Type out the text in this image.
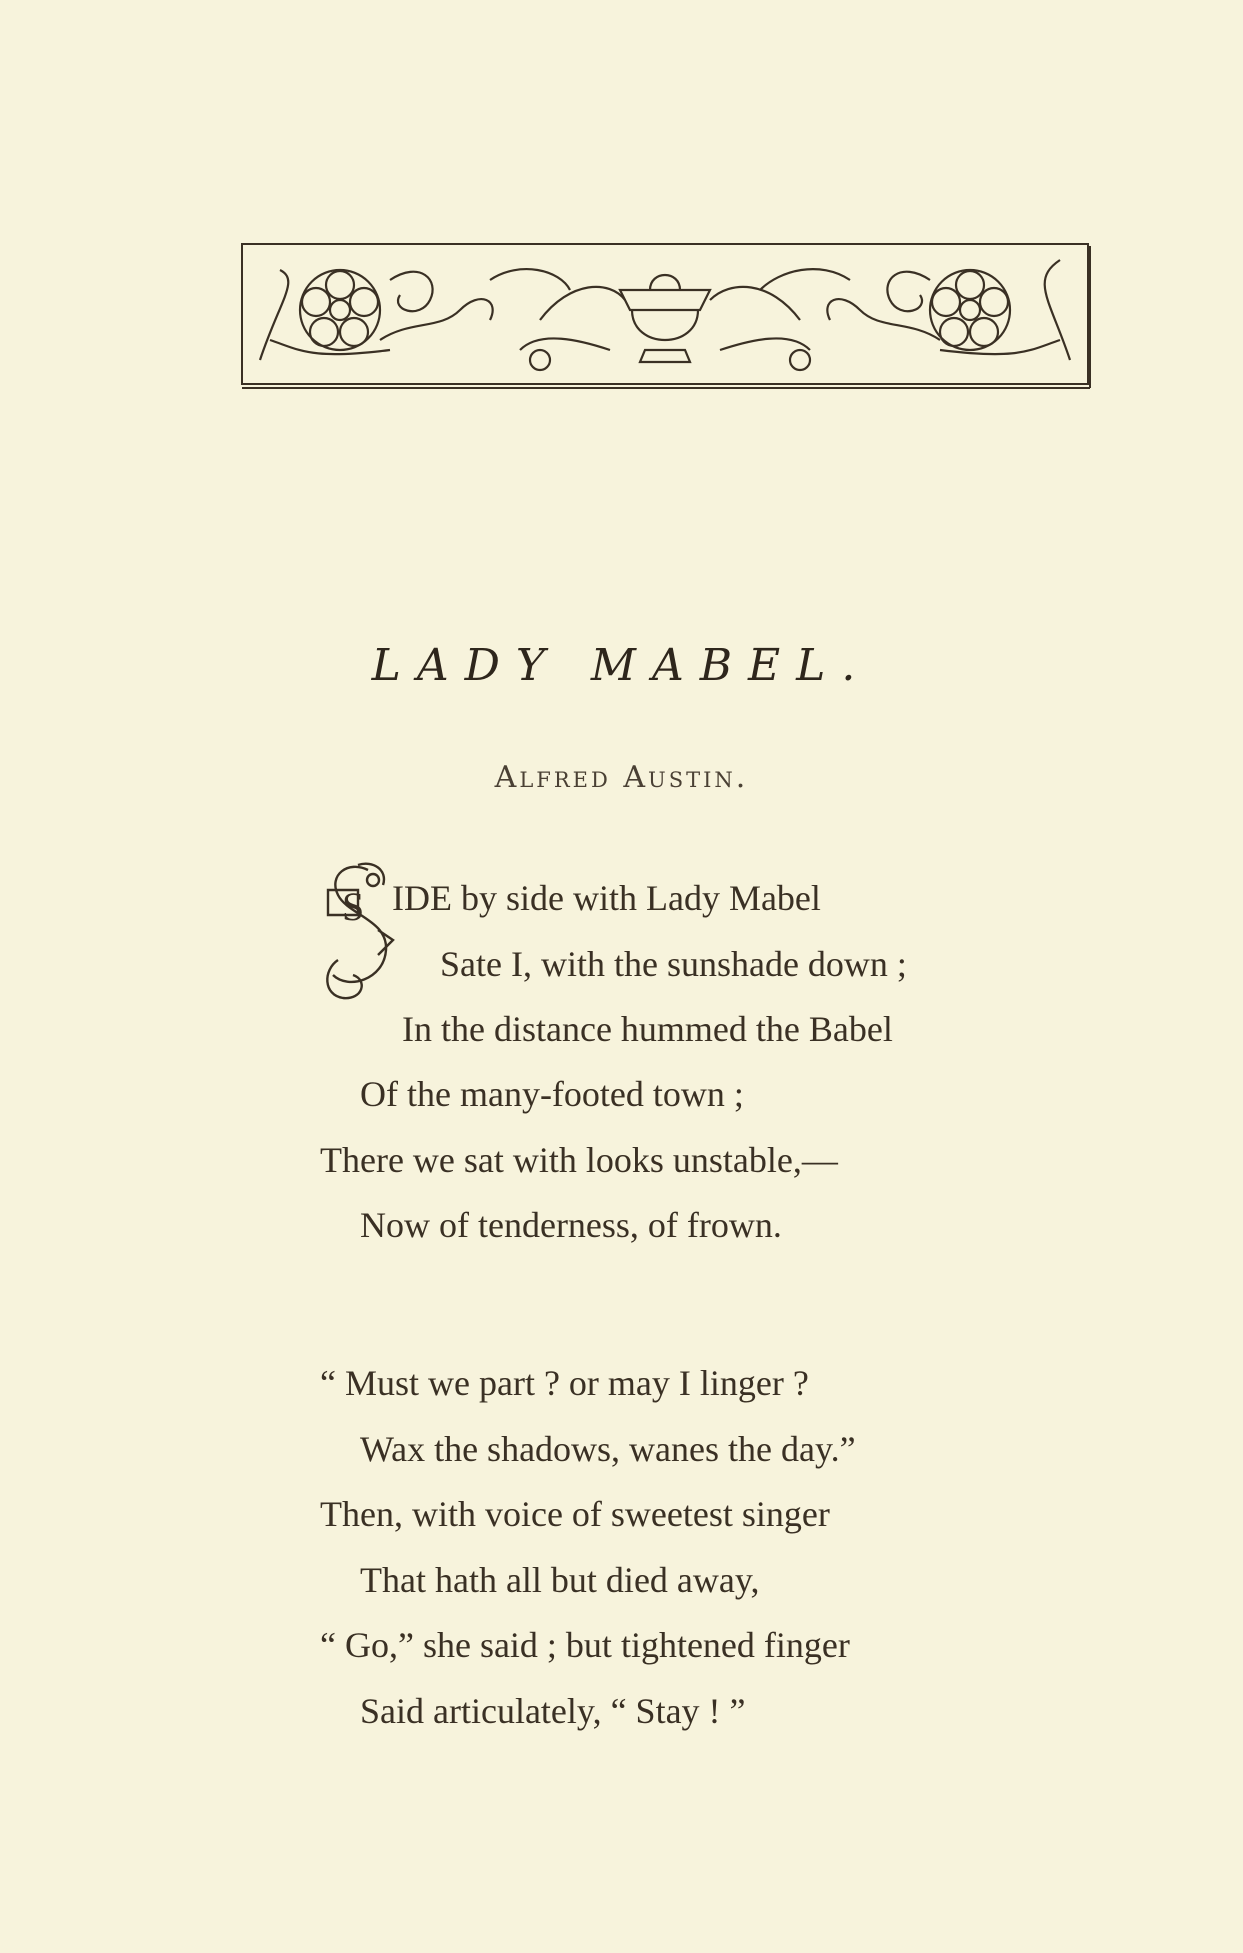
LADY MABEL.
Alfred Austin.
S IDE by side with Lady Mabel
Sate I, with the sunshade down ;
In the distance hummed the Babel
Of the many-footed town ;
There we sat with looks unstable,—
Now of tenderness, of frown.
“ Must we part ? or may I linger ?
Wax the shadows, wanes the day.”
Then, with voice of sweetest singer
That hath all but died away,
“ Go,” she said ; but tightened finger
Said articulately, “ Stay ! ”
